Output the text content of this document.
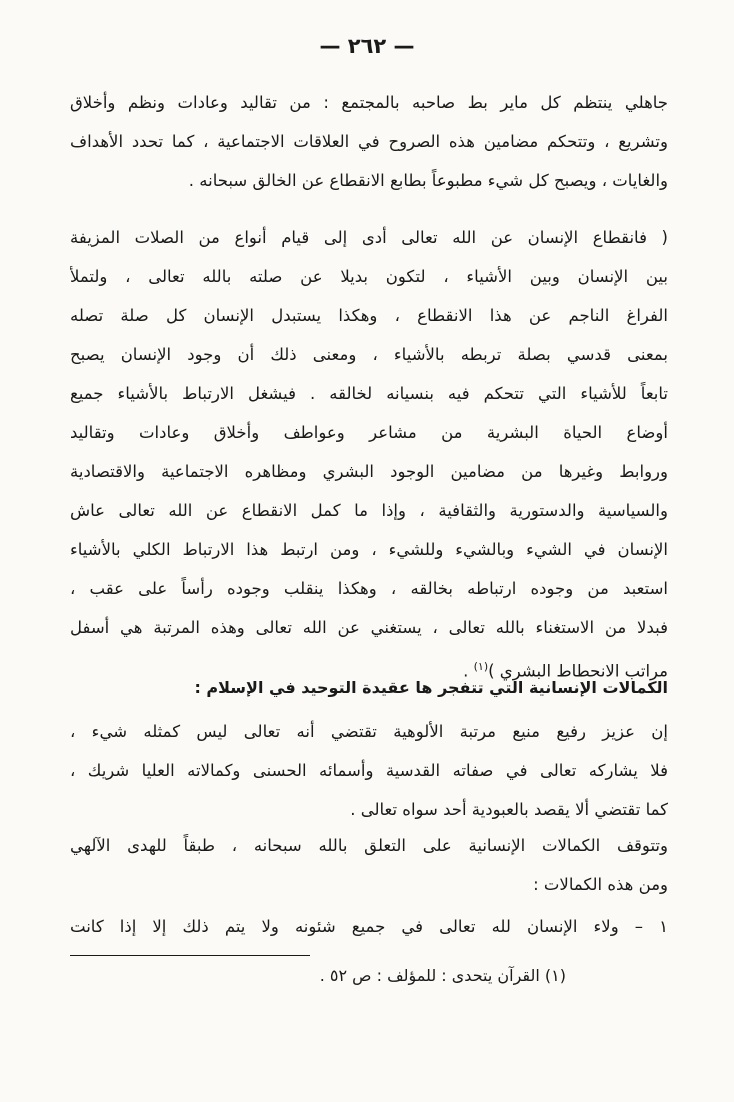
— ٢٦٢ —
جاهلي ينتظم كل ماير بط صاحبه بالمجتمع : من تقاليد وعادات ونظم وأخلاق
وتشريع ، وتتحكم مضامين هذه الصروح في العلاقات الاجتماعية ، كما تحدد الأهداف
والغايات ، ويصبح كل شيء مطبوعاً بطابع الانقطاع عن الخالق سبحانه .
( فانقطاع الإنسان عن الله تعالى أدى إلى قيام أنواع من الصلات المزيفة
بين الإنسان وبين الأشياء ، لتكون بديلا عن صلته بالله تعالى ، ولتملأ
الفراغ الناجم عن هذا الانقطاع ، وهكذا يستبدل الإنسان كل صلة تصله
بمعنى قدسي بصلة تربطه بالأشياء ، ومعنى ذلك أن وجود الإنسان يصبح
تابعاً للأشياء التي تتحكم فيه بنسيانه لخالقه . فيشغل الارتباط بالأشياء جميع
أوضاع الحياة البشرية من مشاعر وعواطف وأخلاق وعادات وتقاليد
وروابط وغيرها من مضامين الوجود البشري ومظاهره الاجتماعية والاقتصادية
والسياسية والدستورية والثقافية ، وإذا ما كمل الانقطاع عن الله تعالى عاش
الإنسان في الشيء وبالشيء وللشيء ، ومن ارتبط هذا الارتباط الكلي بالأشياء
استعبد من وجوده ارتباطه بخالقه ، وهكذا ينقلب وجوده رأساً على عقب ،
فبدلا من الاستغناء بالله تعالى ، يستغني عن الله تعالى وهذه المرتبة هي أسفل
مراتب الانحطاط البشري )$^{(١)}$ .
الكمالات الإنسانية التي تتفجر ها عقيدة التوحيد في الإسلام :
إن عزيز رفيع منيع مرتبة الألوهية تقتضي أنه تعالى ليس كمثله شيء ،
فلا يشاركه تعالى في صفاته القدسية وأسمائه الحسنى وكمالاته العليا شريك ،
كما تقتضي ألا يقصد بالعبودية أحد سواه تعالى .
وتتوقف الكمالات الإنسانية على التعلق بالله سبحانه ، طبقاً للهدى الآلهي
ومن هذه الكمالات :
١ – ولاء الإنسان لله تعالى في جميع شئونه ولا يتم ذلك إلا إذا كانت
(١) القرآن يتحدى : للمؤلف : ص ٥٢ .
